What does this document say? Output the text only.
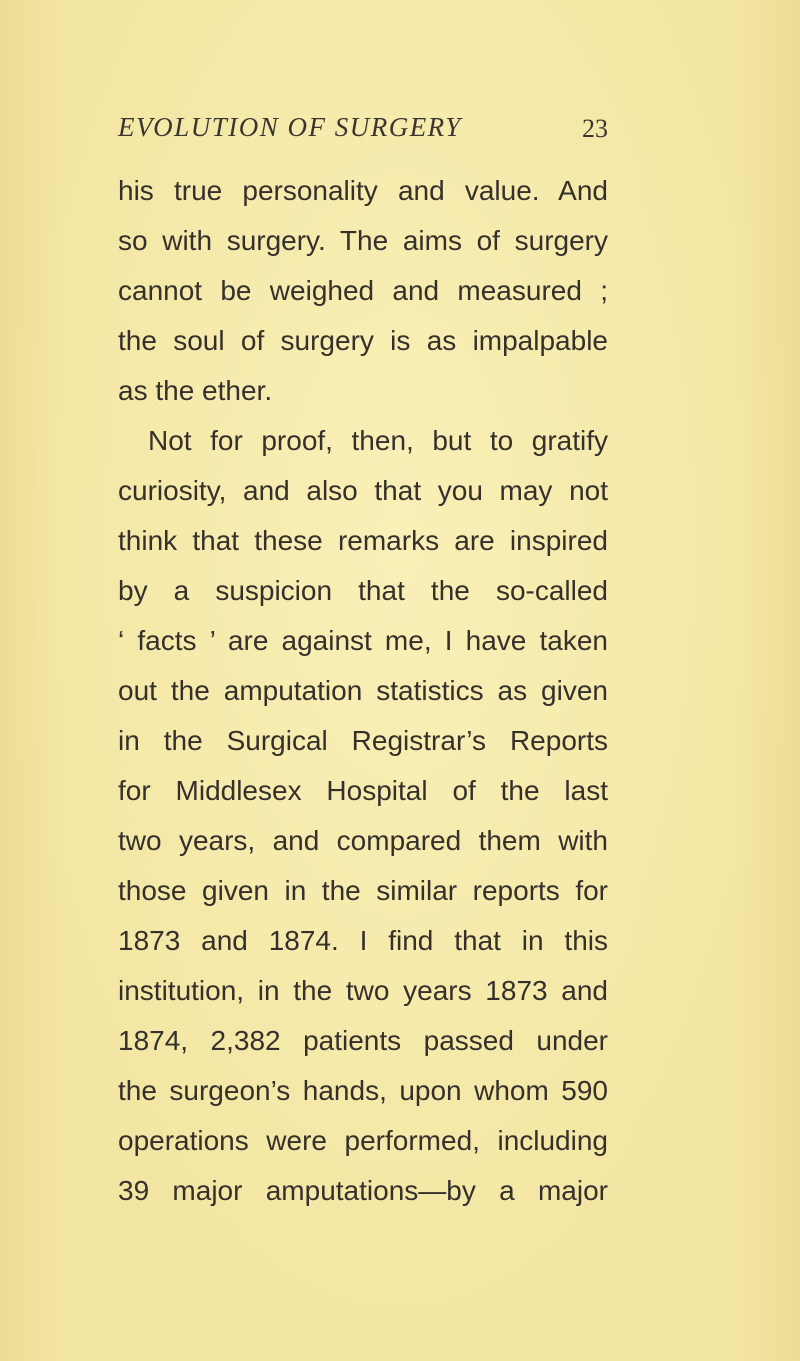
EVOLUTION OF SURGERY	23
his true personality and value. And
so with surgery. The aims of surgery
cannot be weighed and measured ;
the soul of surgery is as impalpable
as the ether.
Not for proof, then, but to gratify
curiosity, and also that you may not
think that these remarks are inspired
by a suspicion that the so-called
‘ facts ’ are against me, I have taken
out the amputation statistics as given
in the Surgical Registrar’s Reports
for Middlesex Hospital of the last
two years, and compared them with
those given in the similar reports for
1873 and 1874. I find that in this
institution, in the two years 1873 and
1874, 2,382 patients passed under
the surgeon’s hands, upon whom 590
operations were performed, including
39 major amputations—by a major
